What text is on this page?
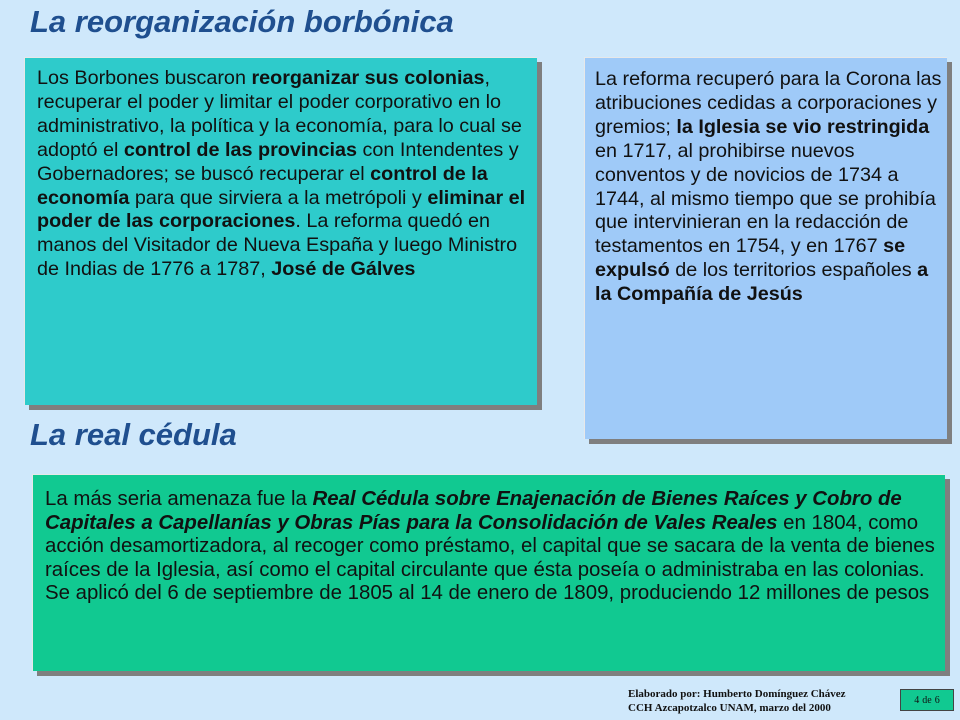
La reorganización borbónica

Los Borbones buscaron reorganizar sus colonias, recuperar el poder y limitar el poder corporativo en lo administrativo, la política y la economía, para lo cual se adoptó el control de las provincias con Intendentes y Gobernadores; se buscó recuperar el control de la economía para que sirviera a la metrópoli y eliminar el poder de las corporaciones. La reforma quedó en manos del Visitador de Nueva España y luego Ministro de Indias de 1776 a 1787, José de Gálves

La reforma recuperó para la Corona las atribuciones cedidas a corporaciones y gremios; la Iglesia se vio restringida en 1717, al prohibirse nuevos conventos y de novicios de 1734 a 1744, al mismo tiempo que se prohibía que intervinieran en la redacción de testamentos en 1754, y en 1767 se expulsó de los territorios españoles a la Compañía de Jesús

La real cédula

La más seria amenaza fue la Real Cédula sobre Enajenación de Bienes Raíces y Cobro de Capitales a Capellanías y Obras Pías para la Consolidación de Vales Reales en 1804, como acción desamortizadora, al recoger como préstamo, el capital que se sacara de la venta de bienes raíces de la Iglesia, así como el capital circulante que ésta poseía o administraba en las colonias. Se aplicó del 6 de septiembre de 1805 al 14 de enero de 1809, produciendo 12 millones de pesos

Elaborado por: Humberto Domínguez Chávez
CCH Azcapotzalco UNAM, marzo del 2000
4 de 6
